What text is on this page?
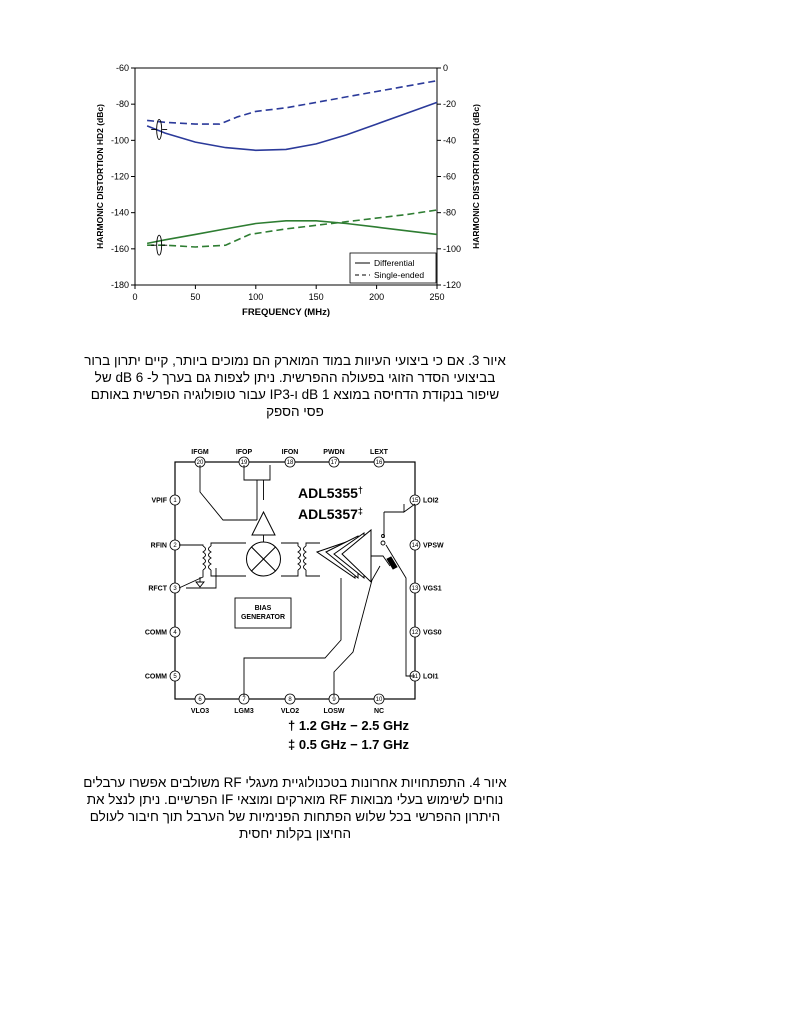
0	50	100	150	200	250
-180
-160
-140
-120
-100
-80
-60
-120
-100
-80
-60
-40
-20
0
FREQUENCY (MHz)
HARMONIC DISTORTION HD2 (dBc)	HARMONIC DISTORTION HD3 (dBc)
Differential
Single-ended
איור 3. אם כי ביצועי העיוות במוד המוארק הם נמוכים ביותר, קיים יתרון ברור
בביצועי הסדר הזוגי בפעולה ההפרשית. ניתן לצפות גם בערך ל- 6 dB של
שיפור בנקודת הדחיסה במוצא 1 dB ו-IP3 עבור טופולוגיה הפרשית באותם
פסי הספק
20
IFGM
19
IFOP
18
IFON
17
PWDN
16
LEXT
6
VLO3
7
LGM3
8
VLO2
9
LOSW
10
NC
1
VPIF
2
RFIN
3
RFCT
4
COMM
5
COMM
15 LOI2
14 VPSW
13 VGS1
12 VGS0
11 LOI1
ADL5355†
ADL5357‡
BIAS
GENERATOR
† 1.2 GHz − 2.5 GHz
‡ 0.5 GHz − 1.7 GHz
איור 4. התפתחויות אחרונות בטכנולוגיית מעגלי RF משולבים אפשרו ערבלים
נוחים לשימוש בעלי מבואות RF מוארקים ומוצאי IF הפרשיים. ניתן לנצל את
היתרון ההפרשי בכל שלוש הפתחות הפנימיות של הערבל תוך חיבור לעולם
החיצון בקלות יחסית
